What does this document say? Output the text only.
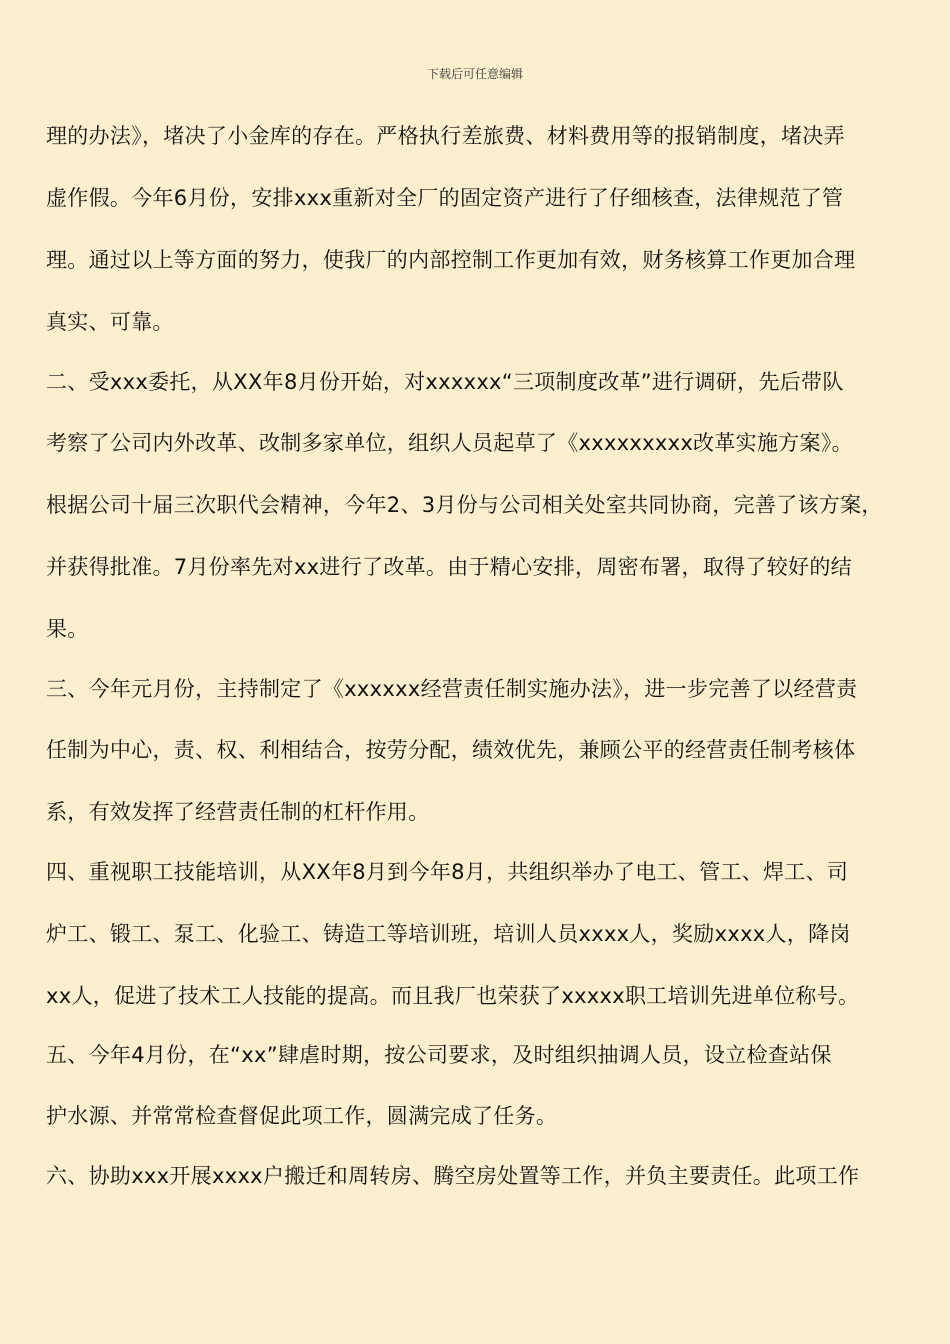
下载后可任意编辑
理的办法》，堵决了小金库的存在。严格执行差旅费、材料费用等的报销制度，堵决弄
虚作假。今年6月份，安排xxx重新对全厂的固定资产进行了仔细核查，法律规范了管
理。通过以上等方面的努力，使我厂的内部控制工作更加有效，财务核算工作更加合理
真实、可靠。
二、受xxx委托，从XX年8月份开始，对xxxxxx“三项制度改革”进行调研，先后带队
考察了公司内外改革、改制多家单位，组织人员起草了《xxxxxxxxx改革实施方案》。
根据公司十届三次职代会精神，今年2、3月份与公司相关处室共同协商，完善了该方案，
并获得批准。7月份率先对xx进行了改革。由于精心安排，周密布署，取得了较好的结
果。
三、今年元月份，主持制定了《xxxxxx经营责任制实施办法》，进一步完善了以经营责
任制为中心，责、权、利相结合，按劳分配，绩效优先，兼顾公平的经营责任制考核体
系，有效发挥了经营责任制的杠杆作用。
四、重视职工技能培训，从XX年8月到今年8月，共组织举办了电工、管工、焊工、司
炉工、锻工、泵工、化验工、铸造工等培训班，培训人员xxxx人，奖励xxxx人，降岗
xx人，促进了技术工人技能的提高。而且我厂也荣获了xxxxx职工培训先进单位称号。
五、今年4月份，在“xx”肆虐时期，按公司要求，及时组织抽调人员，设立检查站保
护水源、并常常检查督促此项工作，圆满完成了任务。
六、协助xxx开展xxxx户搬迁和周转房、腾空房处置等工作，并负主要责任。此项工作
